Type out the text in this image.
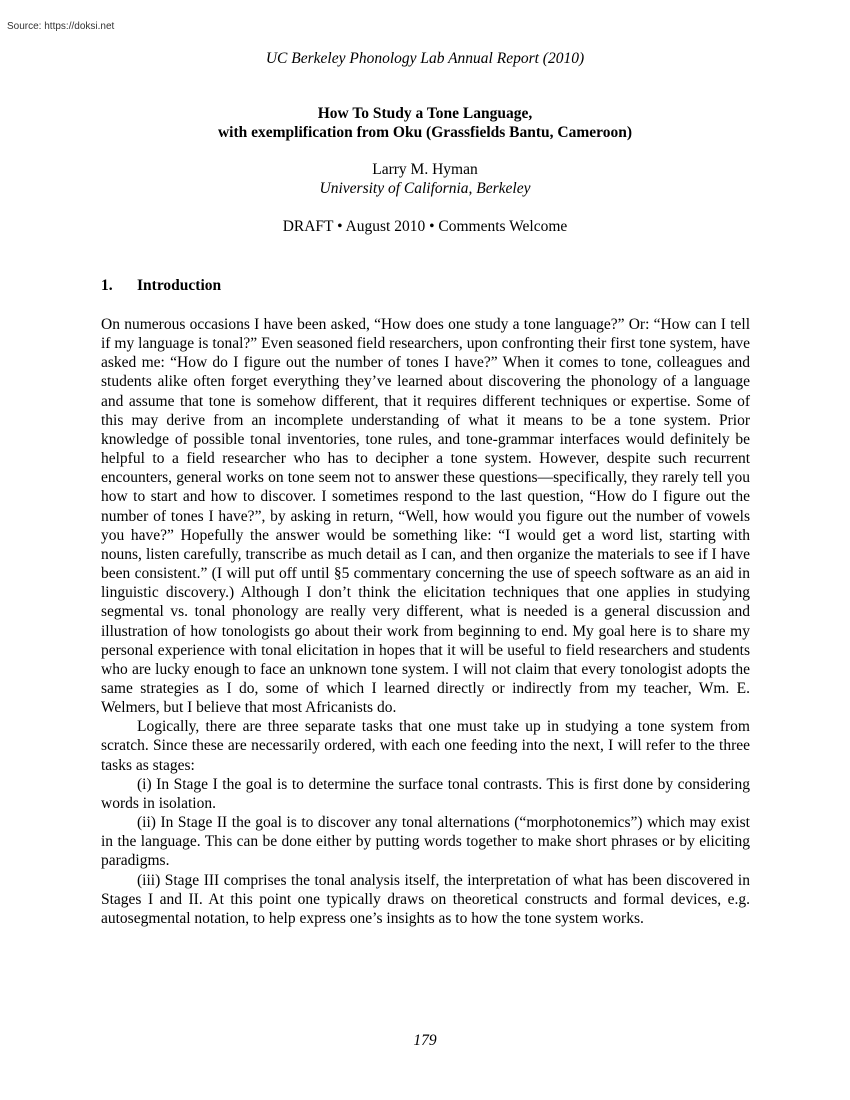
Source: https://doksi.net
UC Berkeley Phonology Lab Annual Report (2010)
How To Study a Tone Language,
with exemplification from Oku (Grassfields Bantu, Cameroon)
Larry M. Hyman
University of California, Berkeley
DRAFT • August 2010 • Comments Welcome
1. Introduction

On numerous occasions I have been asked, “How does one study a tone language?” Or: “How can I tell if my language is tonal?” Even seasoned field researchers, upon confronting their first tone system, have asked me: “How do I figure out the number of tones I have?” When it comes to tone, colleagues and students alike often forget everything they’ve learned about discovering the phonology of a language and assume that tone is somehow different, that it requires different techniques or expertise. Some of this may derive from an incomplete understanding of what it means to be a tone system. Prior knowledge of possible tonal inventories, tone rules, and tone-grammar interfaces would definitely be helpful to a field researcher who has to decipher a tone system. However, despite such recurrent encounters, general works on tone seem not to answer these questions—specifically, they rarely tell you how to start and how to discover. I sometimes respond to the last question, “How do I figure out the number of tones I have?”, by asking in return, “Well, how would you figure out the number of vowels you have?” Hopefully the answer would be something like: “I would get a word list, starting with nouns, listen carefully, transcribe as much detail as I can, and then organize the materials to see if I have been consistent.” (I will put off until §5 commentary concerning the use of speech software as an aid in linguistic discovery.) Although I don’t think the elicitation techniques that one applies in studying segmental vs. tonal phonology are really very different, what is needed is a general discussion and illustration of how tonologists go about their work from beginning to end. My goal here is to share my personal experience with tonal elicitation in hopes that it will be useful to field researchers and students who are lucky enough to face an unknown tone system. I will not claim that every tonologist adopts the same strategies as I do, some of which I learned directly or indirectly from my teacher, Wm. E. Welmers, but I believe that most Africanists do.

Logically, there are three separate tasks that one must take up in studying a tone system from scratch. Since these are necessarily ordered, with each one feeding into the next, I will refer to the three tasks as stages:

(i) In Stage I the goal is to determine the surface tonal contrasts. This is first done by considering words in isolation.

(ii) In Stage II the goal is to discover any tonal alternations (“morphotonemics”) which may exist in the language. This can be done either by putting words together to make short phrases or by eliciting paradigms.

(iii) Stage III comprises the tonal analysis itself, the interpretation of what has been discovered in Stages I and II. At this point one typically draws on theoretical constructs and formal devices, e.g. autosegmental notation, to help express one’s insights as to how the tone system works.

179
